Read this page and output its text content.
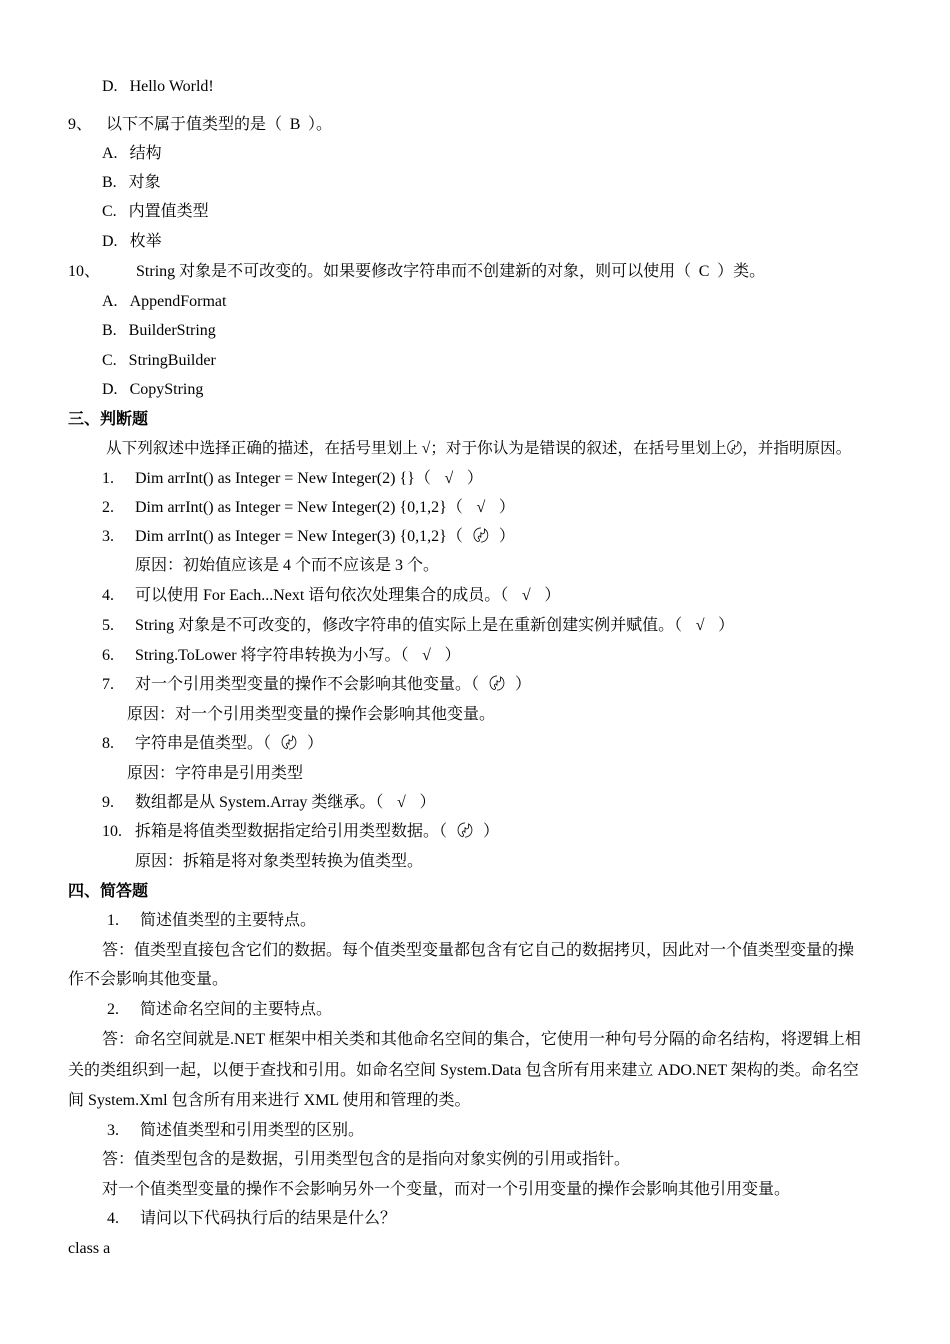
D. Hello World!
9、 以下不属于值类型的是（ B ）。
A. 结构
B. 对象
C. 内置值类型
D. 枚举
10、 String 对象是不可改变的。如果要修改字符串而不创建新的对象，则可以使用（ C ）类。
A. AppendFormat
B. BuilderString
C. StringBuilder
D. CopyString
三、判断题
从下列叙述中选择正确的描述，在括号里划上 √；对于你认为是错误的叙述，在括号里划上〄，并指明原因。
1. Dim arrInt() as Integer = New Integer(2) {}（ √ ）
2. Dim arrInt() as Integer = New Integer(2) {0,1,2}（ √ ）
3. Dim arrInt() as Integer = New Integer(3) {0,1,2}（ 〄 ）
原因：初始值应该是 4 个而不应该是 3 个。
4. 可以使用 For Each...Next 语句依次处理集合的成员。（ √ ）
5. String 对象是不可改变的，修改字符串的值实际上是在重新创建实例并赋值。（ √ ）
6. String.ToLower 将字符串转换为小写。（ √ ）
7. 对一个引用类型变量的操作不会影响其他变量。（ 〄 ）
原因：对一个引用类型变量的操作会影响其他变量。
8. 字符串是值类型。（ 〄 ）
原因：字符串是引用类型
9. 数组都是从 System.Array 类继承。（ √ ）
10. 拆箱是将值类型数据指定给引用类型数据。（ 〄 ）
原因：拆箱是将对象类型转换为值类型。
四、简答题
1. 简述值类型的主要特点。
答：值类型直接包含它们的数据。每个值类型变量都包含有它自己的数据拷贝，因此对一个值类型变量的操
作不会影响其他变量。
2. 简述命名空间的主要特点。
答：命名空间就是.NET 框架中相关类和其他命名空间的集合，它使用一种句号分隔的命名结构，将逻辑上相
关的类组织到一起，以便于查找和引用。如命名空间 System.Data 包含所有用来建立 ADO.NET 架构的类。命名空
间 System.Xml 包含所有用来进行 XML 使用和管理的类。
3. 简述值类型和引用类型的区别。
答：值类型包含的是数据，引用类型包含的是指向对象实例的引用或指针。
对一个值类型变量的操作不会影响另外一个变量，而对一个引用变量的操作会影响其他引用变量。
4. 请问以下代码执行后的结果是什么？
class a
